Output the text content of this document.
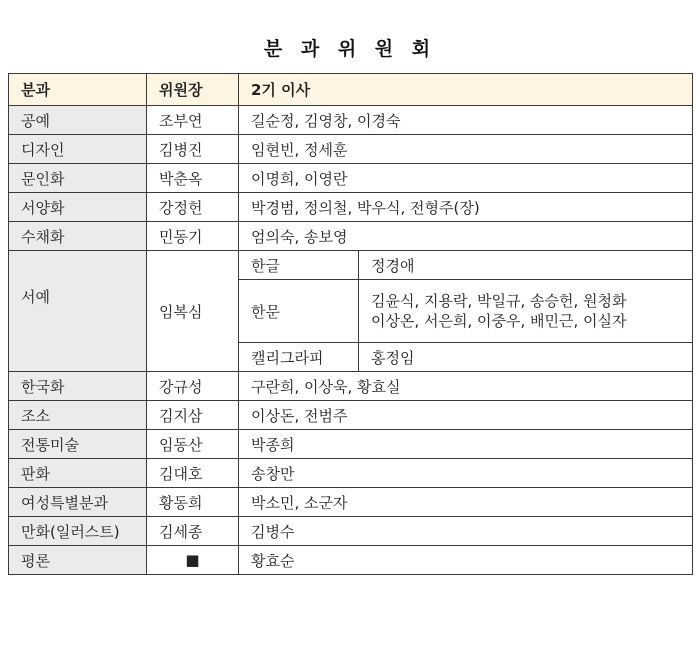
분 과 위 원 회
분과	위원장	2기 이사	
공예	조부연	길순정, 김영창, 이경숙	
디자인	김병진	임현빈, 정세훈	
문인화	박춘옥	이명희, 이영란	
서양화	강정헌	박경범, 정의철, 박우식, 전형주(장)	
수채화	민동기	엄의숙, 송보영	
서예	임복심	한글	정경애
		한문	김윤식, 지용락, 박일규, 송승헌, 원청화
이상온, 서은희, 이중우, 배민근, 이실자

		캘리그라피	홍정임
한국화	강규성	구란희, 이상욱, 황효실	
조소	김지삼	이상돈, 전범주	
전통미술	임동산	박종희	
판화	김대호	송창만	
여성특별분과	황동희	박소민, 소군자	
만화(일러스트)	김세종	김병수	
평론	■	황효순	
